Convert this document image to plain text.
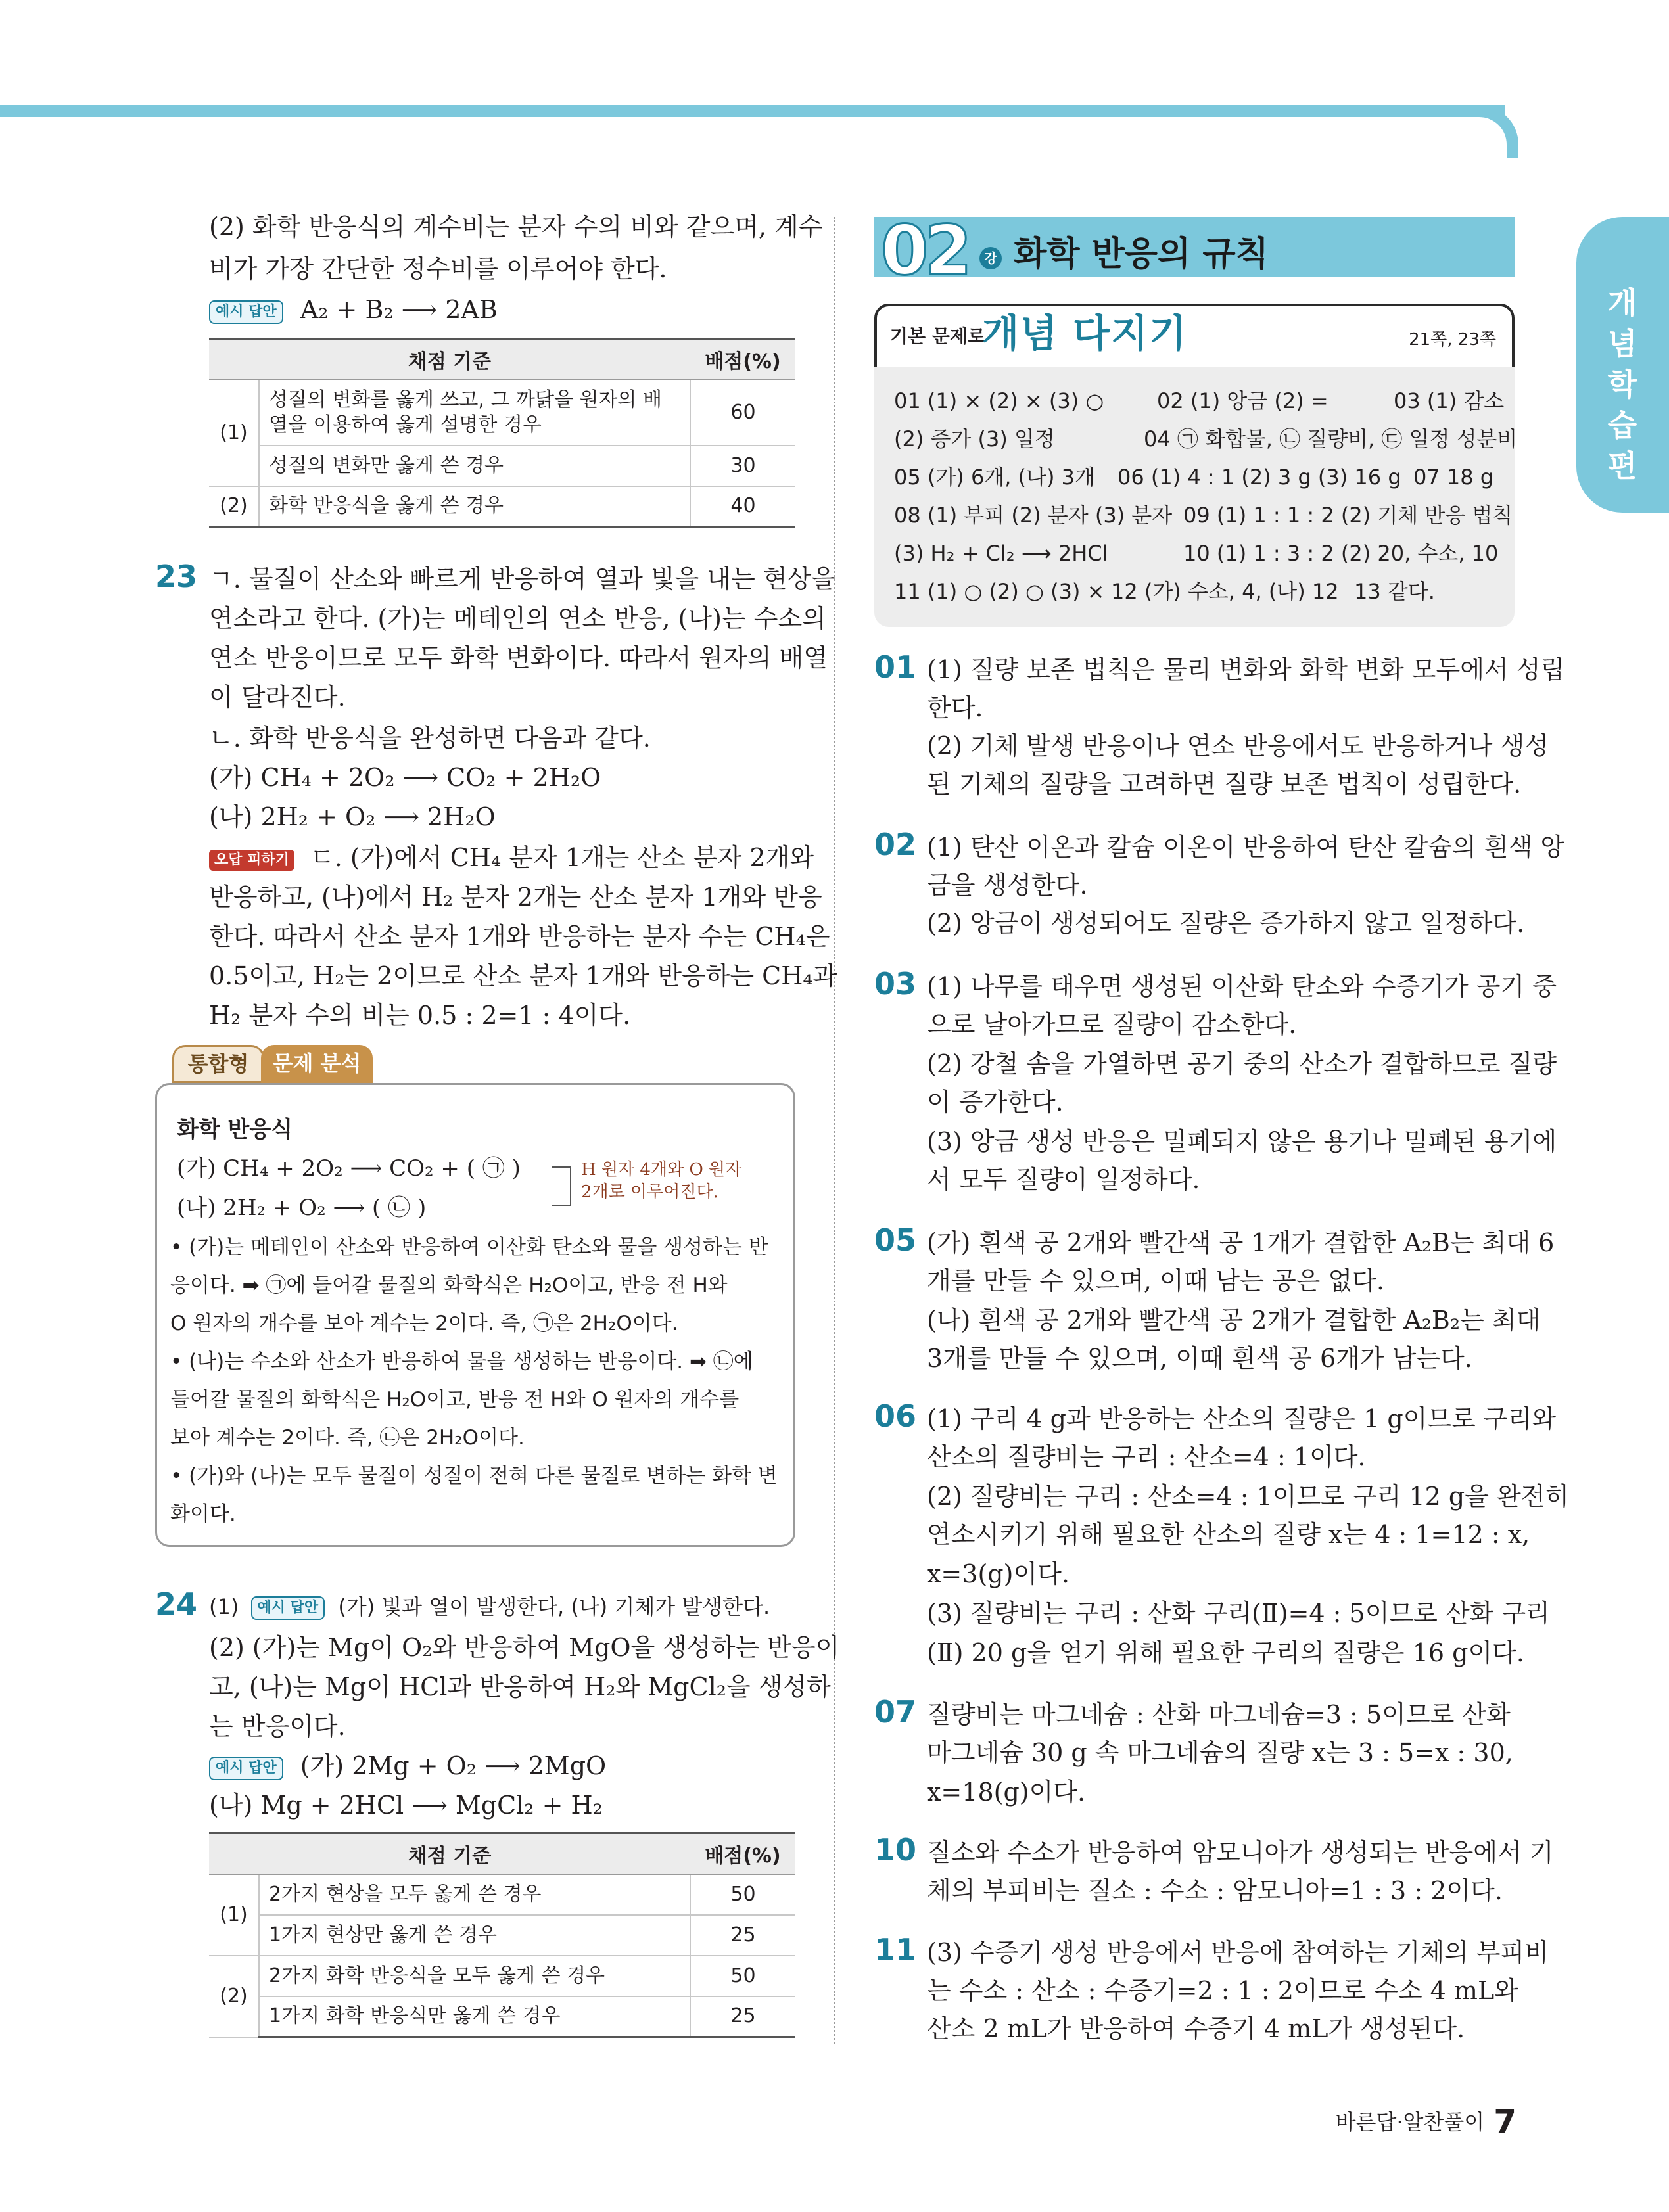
개념학습편
(2) 화학 반응식의 계수비는 분자 수의 비와 같으며, 계수
비가 가장 간단한 정수비를 이루어야 한다.
예시 답안 A₂ + B₂ ⟶ 2AB
채점 기준		배점(%)
(1)	성질의 변화를 옳게 쓰고, 그 까닭을 원자의 배열을 이용하여 옳게 설명한 경우	60
	성질의 변화만 옳게 쓴 경우	30
(2)	화학 반응식을 옳게 쓴 경우	40
23 ㄱ. 물질이 산소와 빠르게 반응하여 열과 빛을 내는 현상을
연소라고 한다. (가)는 메테인의 연소 반응, (나)는 수소의
연소 반응이므로 모두 화학 변화이다. 따라서 원자의 배열
이 달라진다.
ㄴ. 화학 반응식을 완성하면 다음과 같다.
(가) CH₄ + 2O₂ ⟶ CO₂ + 2H₂O
(나) 2H₂ + O₂ ⟶ 2H₂O
오답 피하기 ㄷ. (가)에서 CH₄ 분자 1개는 산소 분자 2개와
반응하고, (나)에서 H₂ 분자 2개는 산소 분자 1개와 반응
한다. 따라서 산소 분자 1개와 반응하는 분자 수는 CH₄은
0.5이고, H₂는 2이므로 산소 분자 1개와 반응하는 CH₄과
H₂ 분자 수의 비는 0.5 : 2=1 : 4이다.
통합형	문제 분석
화학 반응식
(가) CH₄ + 2O₂ ⟶ CO₂ + ( ㉠ )
(나) 2H₂ + O₂ ⟶ ( ㉡ )
H 원자 4개와 O 원자
2개로 이루어진다.
• (가)는 메테인이 산소와 반응하여 이산화 탄소와 물을 생성하는 반
응이다. ➡ ㉠에 들어갈 물질의 화학식은 H₂O이고, 반응 전 H와
O 원자의 개수를 보아 계수는 2이다. 즉, ㉠은 2H₂O이다.
• (나)는 수소와 산소가 반응하여 물을 생성하는 반응이다. ➡ ㉡에
들어갈 물질의 화학식은 H₂O이고, 반응 전 H와 O 원자의 개수를
보아 계수는 2이다. 즉, ㉡은 2H₂O이다.
• (가)와 (나)는 모두 물질이 성질이 전혀 다른 물질로 변하는 화학 변
화이다.
24 (1) 예시 답안 (가) 빛과 열이 발생한다, (나) 기체가 발생한다.
(2) (가)는 Mg이 O₂와 반응하여 MgO을 생성하는 반응이
고, (나)는 Mg이 HCl과 반응하여 H₂와 MgCl₂을 생성하
는 반응이다.
예시 답안 (가) 2Mg + O₂ ⟶ 2MgO
(나) Mg + 2HCl ⟶ MgCl₂ + H₂
채점 기준		배점(%)
(1)	2가지 현상을 모두 옳게 쓴 경우	50
	1가지 현상만 옳게 쓴 경우	25
(2)	2가지 화학 반응식을 모두 옳게 쓴 경우	50
	1가지 화학 반응식만 옳게 쓴 경우	25
02	강 화학 반응의 규칙
기본 문제로
개념 다지기	21쪽, 23쪽
01 (1) × (2) × (3) ○	02 (1) 앙금 (2) =	03 (1) 감소
(2) 증가 (3) 일정	04 ㉠ 화합물, ㉡ 질량비, ㉢ 일정 성분비
05 (가) 6개, (나) 3개 06 (1) 4 : 1 (2) 3 g (3) 16 g 07 18 g
08 (1) 부피 (2) 분자 (3) 분자 09 (1) 1 : 1 : 2 (2) 기체 반응 법칙
(3) H₂ + Cl₂ ⟶ 2HCl	10 (1) 1 : 3 : 2 (2) 20, 수소, 10
11 (1) ○ (2) ○ (3) × 12 (가) 수소, 4, (나) 12 13 같다.
01 (1) 질량 보존 법칙은 물리 변화와 화학 변화 모두에서 성립
한다.
(2) 기체 발생 반응이나 연소 반응에서도 반응하거나 생성
된 기체의 질량을 고려하면 질량 보존 법칙이 성립한다.
02 (1) 탄산 이온과 칼슘 이온이 반응하여 탄산 칼슘의 흰색 앙
금을 생성한다.
(2) 앙금이 생성되어도 질량은 증가하지 않고 일정하다.
03 (1) 나무를 태우면 생성된 이산화 탄소와 수증기가 공기 중
으로 날아가므로 질량이 감소한다.
(2) 강철 솜을 가열하면 공기 중의 산소가 결합하므로 질량
이 증가한다.
(3) 앙금 생성 반응은 밀폐되지 않은 용기나 밀폐된 용기에
서 모두 질량이 일정하다.
05 (가) 흰색 공 2개와 빨간색 공 1개가 결합한 A₂B는 최대 6
개를 만들 수 있으며, 이때 남는 공은 없다.
(나) 흰색 공 2개와 빨간색 공 2개가 결합한 A₂B₂는 최대
3개를 만들 수 있으며, 이때 흰색 공 6개가 남는다.
06 (1) 구리 4 g과 반응하는 산소의 질량은 1 g이므로 구리와
산소의 질량비는 구리 : 산소=4 : 1이다.
(2) 질량비는 구리 : 산소=4 : 1이므로 구리 12 g을 완전히
연소시키기 위해 필요한 산소의 질량 x는 4 : 1=12 : x,
x=3(g)이다.
(3) 질량비는 구리 : 산화 구리(Ⅱ)=4 : 5이므로 산화 구리
(Ⅱ) 20 g을 얻기 위해 필요한 구리의 질량은 16 g이다.
07 질량비는 마그네슘 : 산화 마그네슘=3 : 5이므로 산화
마그네슘 30 g 속 마그네슘의 질량 x는 3 : 5=x : 30,
x=18(g)이다.
10 질소와 수소가 반응하여 암모니아가 생성되는 반응에서 기
체의 부피비는 질소 : 수소 : 암모니아=1 : 3 : 2이다.
11 (3) 수증기 생성 반응에서 반응에 참여하는 기체의 부피비
는 수소 : 산소 : 수증기=2 : 1 : 2이므로 수소 4 mL와
산소 2 mL가 반응하여 수증기 4 mL가 생성된다.
바른답·알찬풀이 7
